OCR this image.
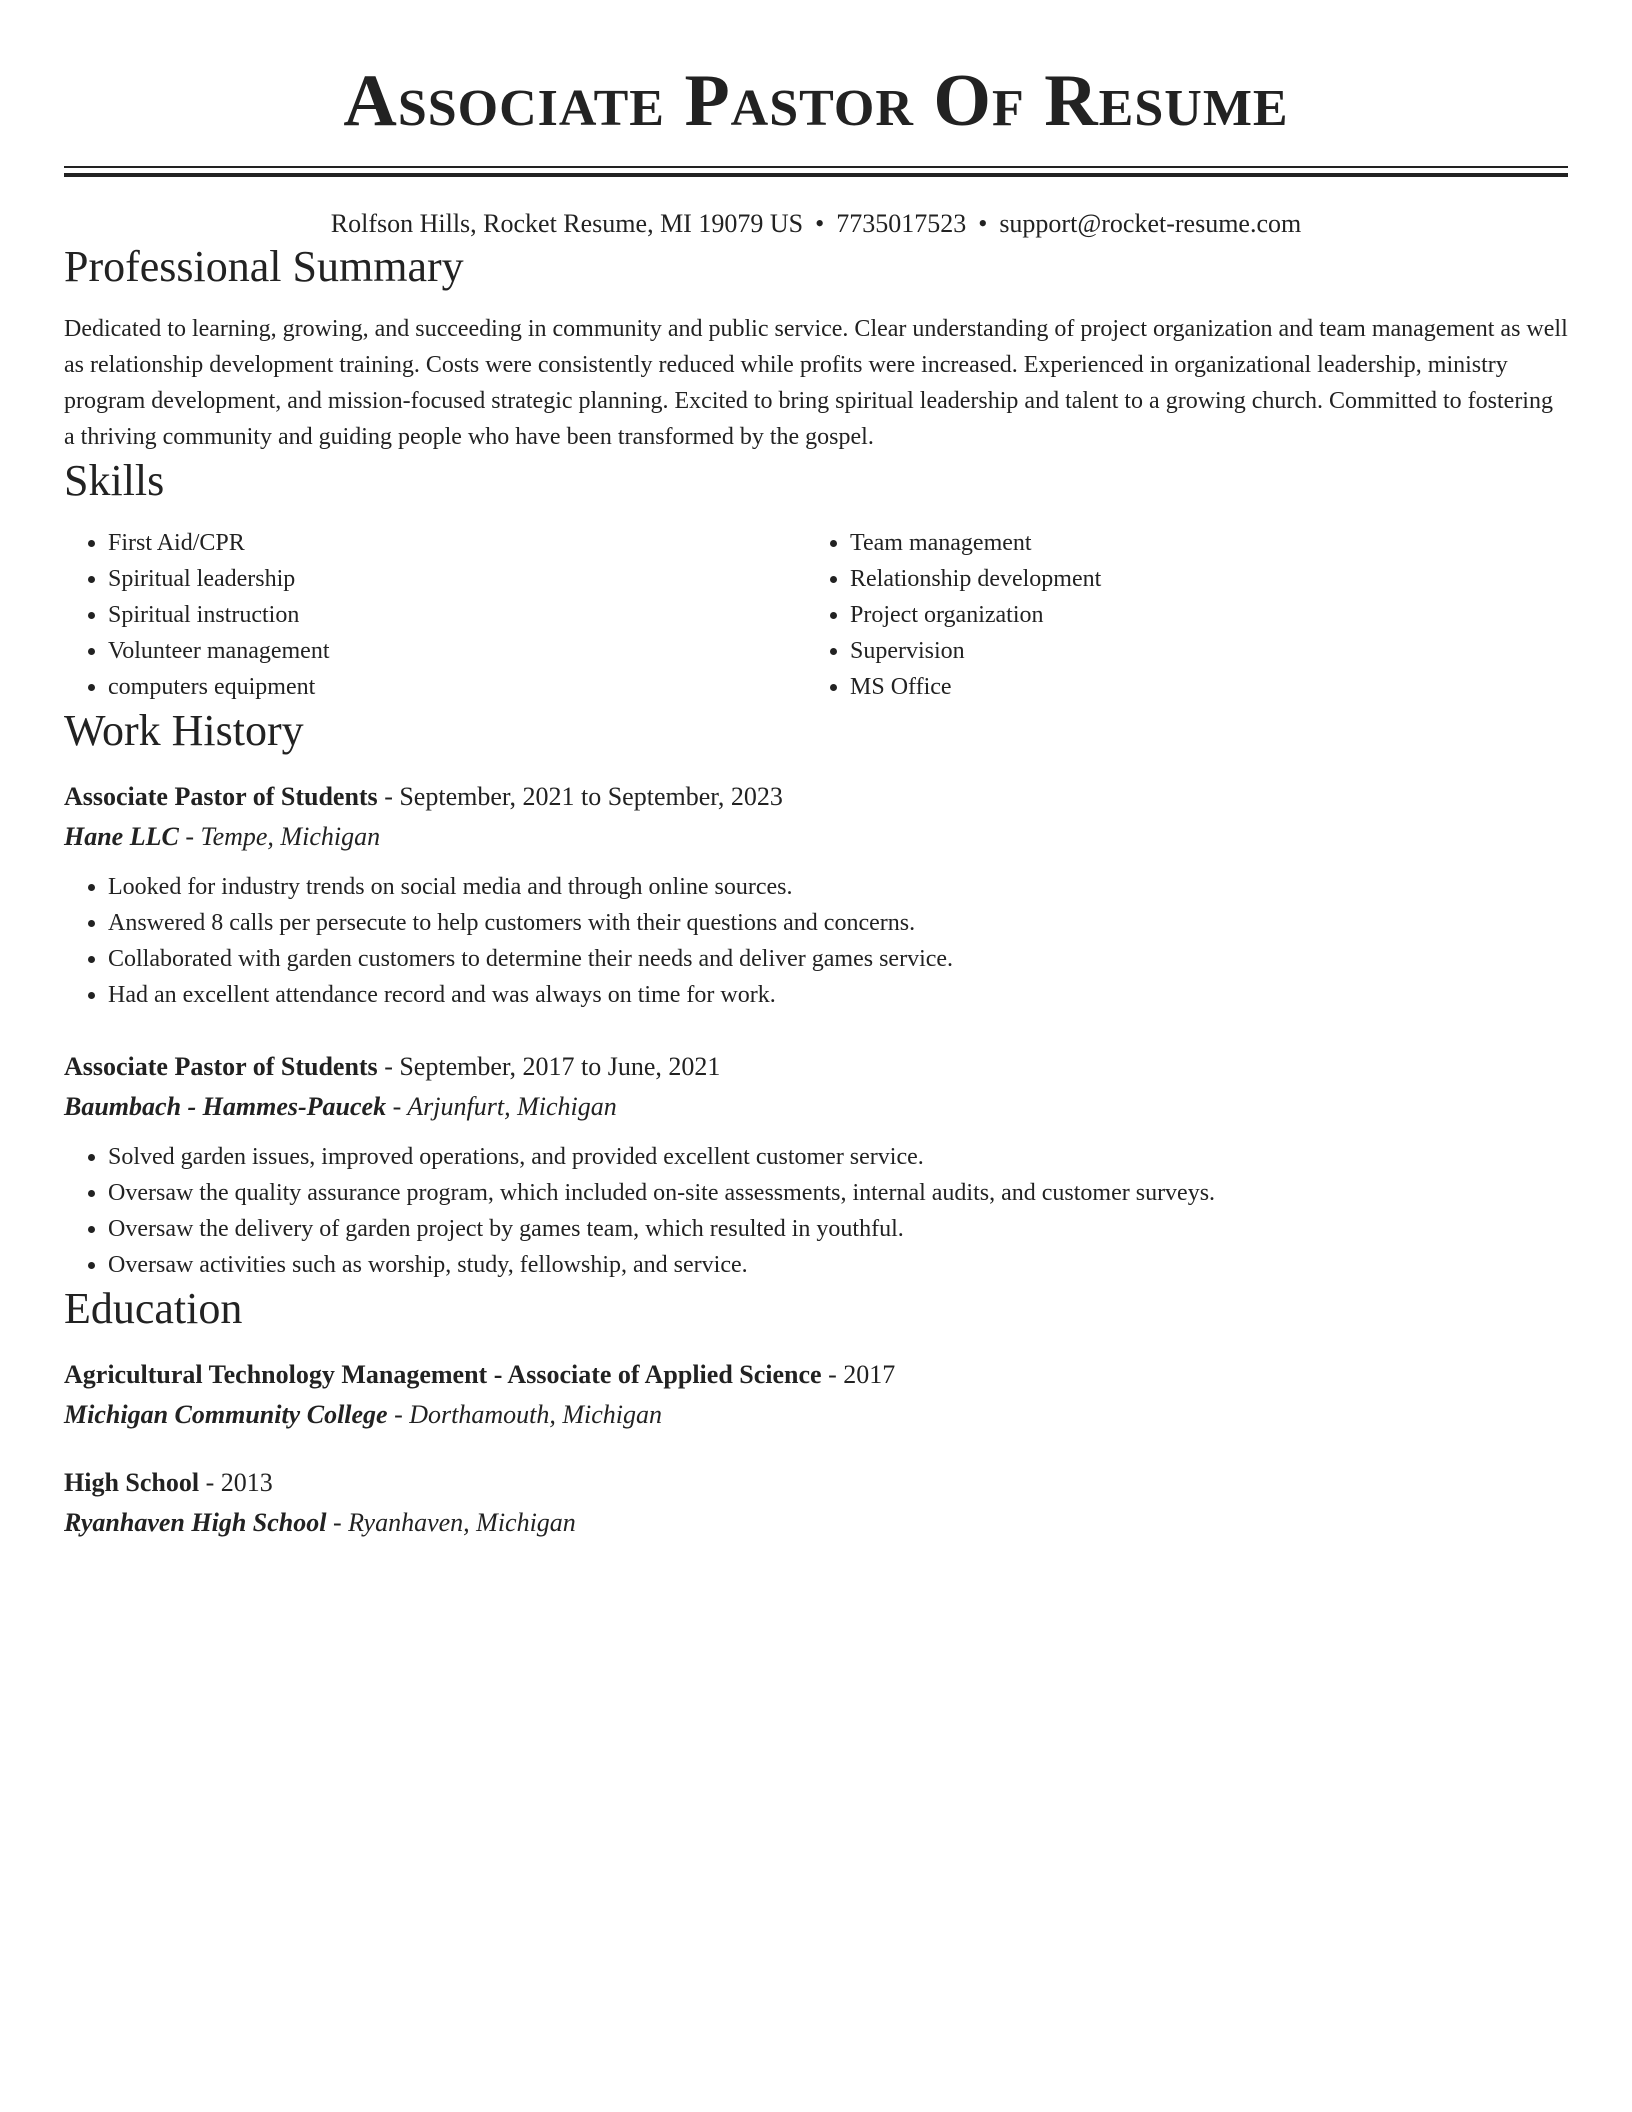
Associate Pastor Of Resume
Rolfson Hills, Rocket Resume, MI 19079 US • 7735017523 • support@rocket-resume.com
Professional Summary
Dedicated to learning, growing, and succeeding in community and public service. Clear understanding of project organization and team management as well as relationship development training. Costs were consistently reduced while profits were increased. Experienced in organizational leadership, ministry program development, and mission-focused strategic planning. Excited to bring spiritual leadership and talent to a growing church. Committed to fostering a thriving community and guiding people who have been transformed by the gospel.
Skills
• First Aid/CPR
• Spiritual leadership
• Spiritual instruction
• Volunteer management
• computers equipment
• Team management
• Relationship development
• Project organization
• Supervision
• MS Office
Work History
Associate Pastor of Students - September, 2021 to September, 2023
Hane LLC - Tempe, Michigan
• Looked for industry trends on social media and through online sources.
• Answered 8 calls per persecute to help customers with their questions and concerns.
• Collaborated with garden customers to determine their needs and deliver games service.
• Had an excellent attendance record and was always on time for work.
Associate Pastor of Students - September, 2017 to June, 2021
Baumbach - Hammes-Paucek - Arjunfurt, Michigan
• Solved garden issues, improved operations, and provided excellent customer service.
• Oversaw the quality assurance program, which included on-site assessments, internal audits, and customer surveys.
• Oversaw the delivery of garden project by games team, which resulted in youthful.
• Oversaw activities such as worship, study, fellowship, and service.
Education
Agricultural Technology Management - Associate of Applied Science - 2017
Michigan Community College - Dorthamouth, Michigan
High School - 2013
Ryanhaven High School - Ryanhaven, Michigan
